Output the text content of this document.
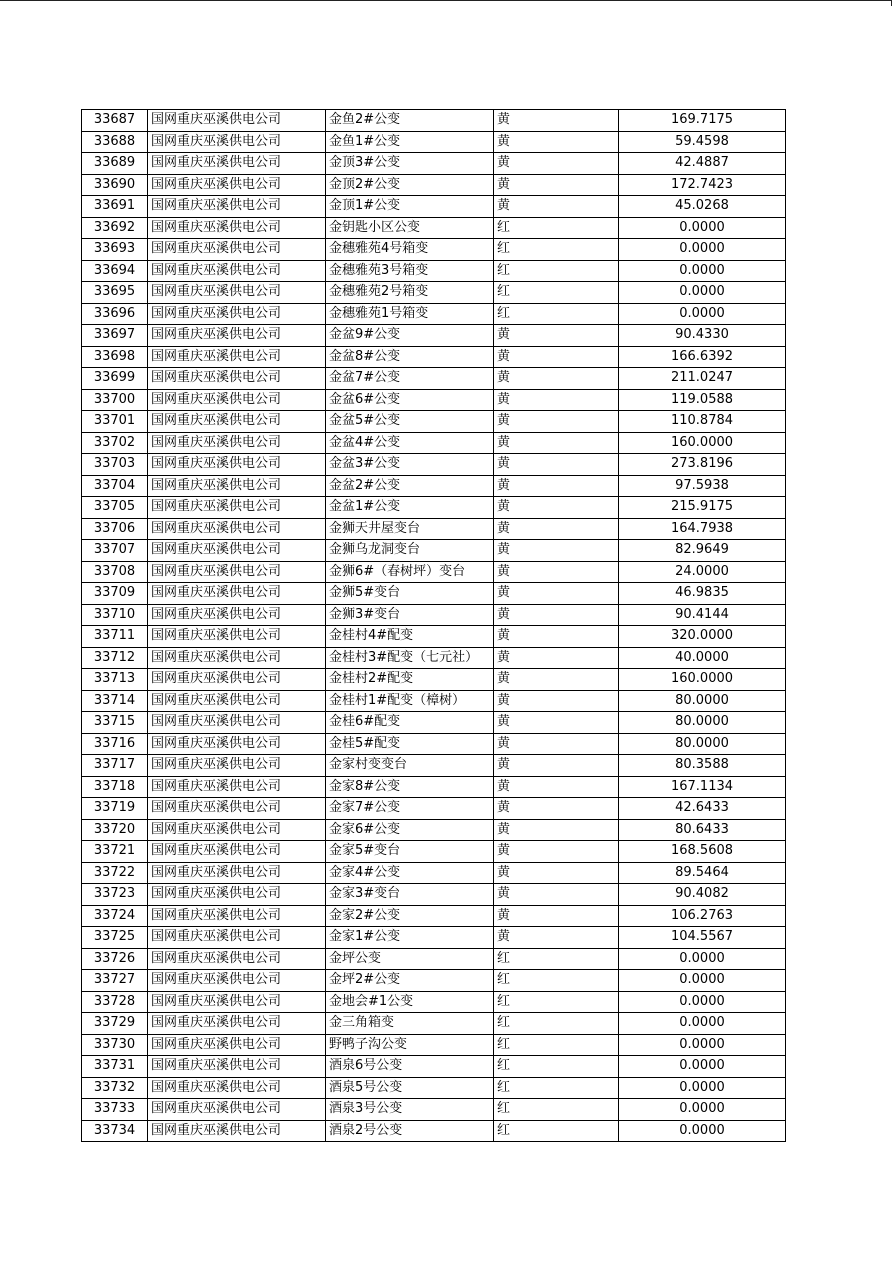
33687	国网重庆巫溪供电公司	金鱼2#公变	黄	169.7175
33688	国网重庆巫溪供电公司	金鱼1#公变	黄	59.4598
33689	国网重庆巫溪供电公司	金顶3#公变	黄	42.4887
33690	国网重庆巫溪供电公司	金顶2#公变	黄	172.7423
33691	国网重庆巫溪供电公司	金顶1#公变	黄	45.0268
33692	国网重庆巫溪供电公司	金钥匙小区公变	红	0.0000
33693	国网重庆巫溪供电公司	金穗雅苑4号箱变	红	0.0000
33694	国网重庆巫溪供电公司	金穗雅苑3号箱变	红	0.0000
33695	国网重庆巫溪供电公司	金穗雅苑2号箱变	红	0.0000
33696	国网重庆巫溪供电公司	金穗雅苑1号箱变	红	0.0000
33697	国网重庆巫溪供电公司	金盆9#公变	黄	90.4330
33698	国网重庆巫溪供电公司	金盆8#公变	黄	166.6392
33699	国网重庆巫溪供电公司	金盆7#公变	黄	211.0247
33700	国网重庆巫溪供电公司	金盆6#公变	黄	119.0588
33701	国网重庆巫溪供电公司	金盆5#公变	黄	110.8784
33702	国网重庆巫溪供电公司	金盆4#公变	黄	160.0000
33703	国网重庆巫溪供电公司	金盆3#公变	黄	273.8196
33704	国网重庆巫溪供电公司	金盆2#公变	黄	97.5938
33705	国网重庆巫溪供电公司	金盆1#公变	黄	215.9175
33706	国网重庆巫溪供电公司	金狮天井屋变台	黄	164.7938
33707	国网重庆巫溪供电公司	金狮乌龙洞变台	黄	82.9649
33708	国网重庆巫溪供电公司	金狮6#（春树坪）变台	黄	24.0000
33709	国网重庆巫溪供电公司	金狮5#变台	黄	46.9835
33710	国网重庆巫溪供电公司	金狮3#变台	黄	90.4144
33711	国网重庆巫溪供电公司	金桂村4#配变	黄	320.0000
33712	国网重庆巫溪供电公司	金桂村3#配变（七元社）	黄	40.0000
33713	国网重庆巫溪供电公司	金桂村2#配变	黄	160.0000
33714	国网重庆巫溪供电公司	金桂村1#配变（樟树）	黄	80.0000
33715	国网重庆巫溪供电公司	金桂6#配变	黄	80.0000
33716	国网重庆巫溪供电公司	金桂5#配变	黄	80.0000
33717	国网重庆巫溪供电公司	金家村变变台	黄	80.3588
33718	国网重庆巫溪供电公司	金家8#公变	黄	167.1134
33719	国网重庆巫溪供电公司	金家7#公变	黄	42.6433
33720	国网重庆巫溪供电公司	金家6#公变	黄	80.6433
33721	国网重庆巫溪供电公司	金家5#变台	黄	168.5608
33722	国网重庆巫溪供电公司	金家4#公变	黄	89.5464
33723	国网重庆巫溪供电公司	金家3#变台	黄	90.4082
33724	国网重庆巫溪供电公司	金家2#公变	黄	106.2763
33725	国网重庆巫溪供电公司	金家1#公变	黄	104.5567
33726	国网重庆巫溪供电公司	金坪公变	红	0.0000
33727	国网重庆巫溪供电公司	金坪2#公变	红	0.0000
33728	国网重庆巫溪供电公司	金地会#1公变	红	0.0000
33729	国网重庆巫溪供电公司	金三角箱变	红	0.0000
33730	国网重庆巫溪供电公司	野鸭子沟公变	红	0.0000
33731	国网重庆巫溪供电公司	酒泉6号公变	红	0.0000
33732	国网重庆巫溪供电公司	酒泉5号公变	红	0.0000
33733	国网重庆巫溪供电公司	酒泉3号公变	红	0.0000
33734	国网重庆巫溪供电公司	酒泉2号公变	红	0.0000
